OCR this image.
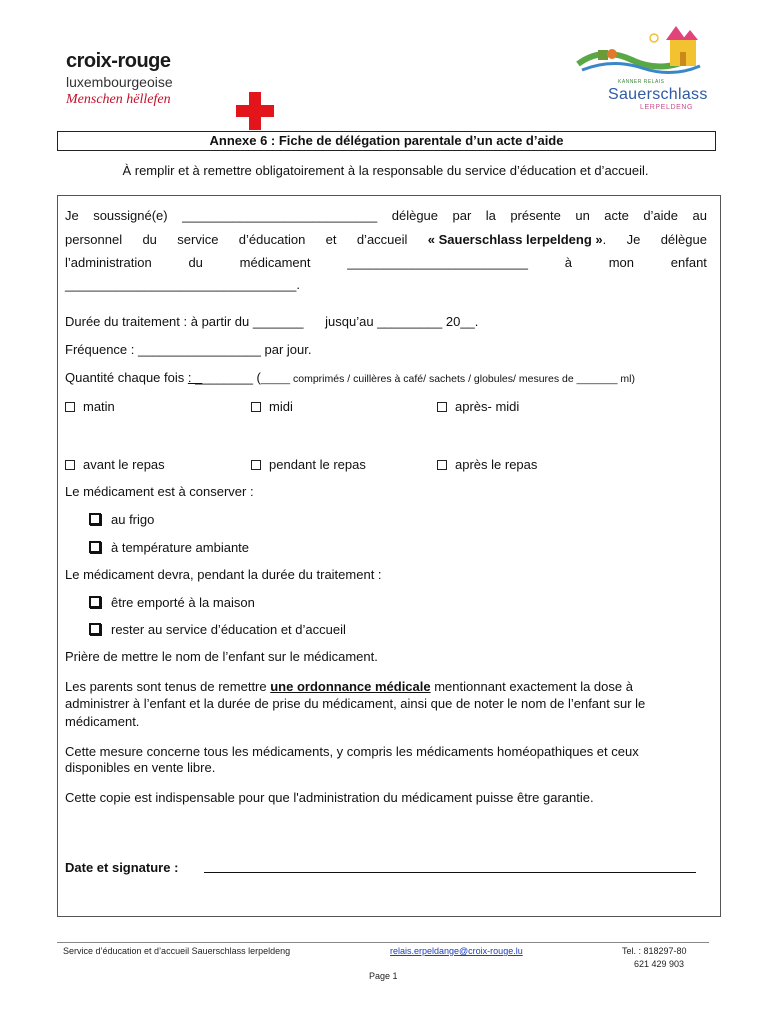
croix-rouge
luxembourgeoise
Menschen hëllefen
KANNER RELAIS
Sauerschlass
LERPELDENG
Annexe 6 : Fiche de délégation parentale d’un acte d’aide
À remplir et à remettre obligatoirement à la responsable du service d’éducation et d’accueil.
Je soussigné(e) ___________________________ délègue par la présente un acte d’aide au
personnel du service d’éducation et d’accueil « Sauerschlass lerpeldeng ». Je délègue
l’administration	du	médicament	_________________________	à	mon	enfant
________________________________.
Durée du traitement : à partir du _______      jusqu’au _________ 20__.
Fréquence : _________________ par jour.
Quantité chaque fois : ________ (_____ comprimés / cuillères à café/ sachets / globules/ mesures de _______ ml)
matin	midi	après- midi
avant le repas	pendant le repas	après le repas
Le médicament est à conserver :
au frigo
à température ambiante
Le médicament devra, pendant la durée du traitement :
être emporté à la maison
rester au service d’éducation et d’accueil
Prière de mettre le nom de l’enfant sur le médicament.
Les parents sont tenus de remettre une ordonnance médicale mentionnant exactement la dose à
administrer à l’enfant et la durée de prise du médicament, ainsi que de noter le nom de l’enfant sur le
médicament.
Cette mesure concerne tous les médicaments, y compris les médicaments homéopathiques et ceux
disponibles en vente libre.
Cette copie est indispensable pour que l'administration du médicament puisse être garantie.
Date et signature :
Service d’éducation et d’accueil Sauerschlass lerpeldeng	relais.erpeldange@croix-rouge.lu	Tel. : 818297-80
621 429 903
Page 1
